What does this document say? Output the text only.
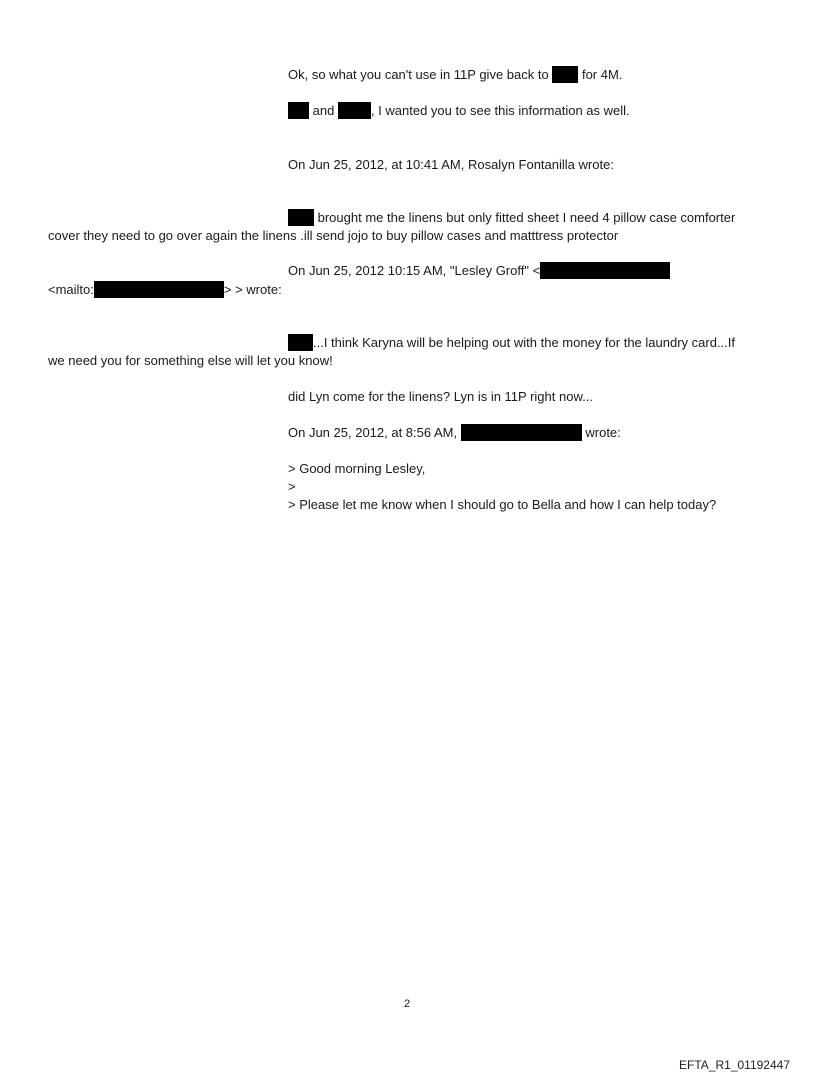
Ok, so what you can't use in 11P give back to	for 4M.
and	, I wanted you to see this information as well.
On Jun 25, 2012, at 10:41 AM, Rosalyn Fontanilla wrote:
brought me the linens but only fitted sheet I need 4 pillow case comforter
cover they need to go over again the linens .ill send jojo to buy pillow cases and matttress protector
On Jun 25, 2012 10:15 AM, "Lesley Groff" <
<mailto:	> > wrote:
...I think Karyna will be helping out with the money for the laundry card...If
we need you for something else will let you know!
did Lyn come for the linens? Lyn is in 11P right now...
On Jun 25, 2012, at 8:56 AM,	wrote:
> Good morning Lesley,
>
> Please let me know when I should go to Bella and how I can help today?
2
EFTA_R1_01192447
